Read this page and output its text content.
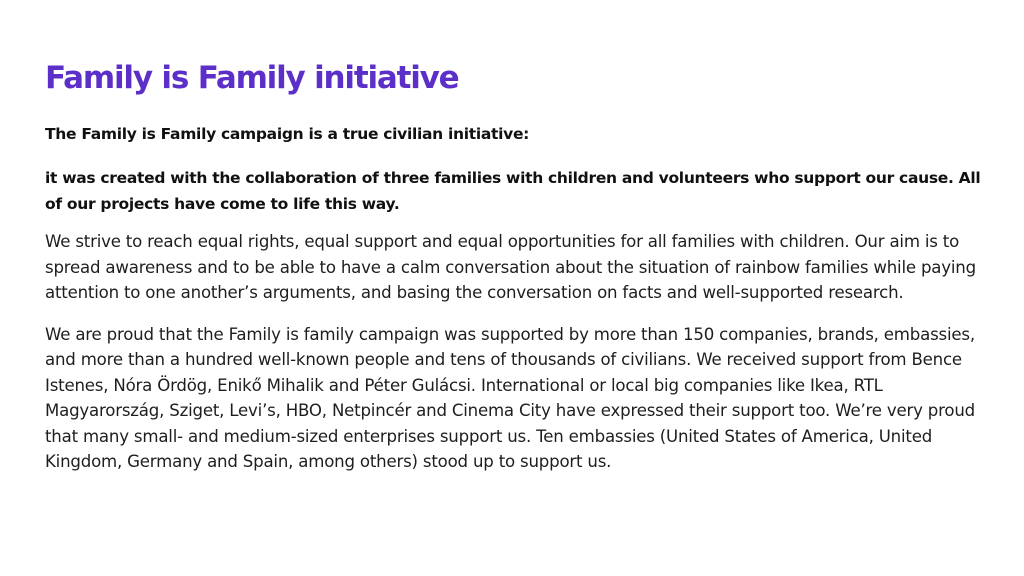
Family is Family initiative

The Family is Family campaign is a true civilian initiative:

it was created with the collaboration of three families with children and volunteers who support our cause. All of our projects have come to life this way.

We strive to reach equal rights, equal support and equal opportunities for all families with children. Our aim is to spread awareness and to be able to have a calm conversation about the situation of rainbow families while paying attention to one another’s arguments, and basing the conversation on facts and well-supported research.

We are proud that the Family is family campaign was supported by more than 150 companies, brands, embassies, and more than a hundred well-known people and tens of thousands of civilians. We received support from Bence Istenes, Nóra Ördög, Enikő Mihalik and Péter Gulácsi. International or local big companies like Ikea, RTL Magyarország, Sziget, Levi’s, HBO, Netpincér and Cinema City have expressed their support too. We’re very proud that many small- and medium-sized enterprises support us. Ten embassies (United States of America, United Kingdom, Germany and Spain, among others) stood up to support us.
